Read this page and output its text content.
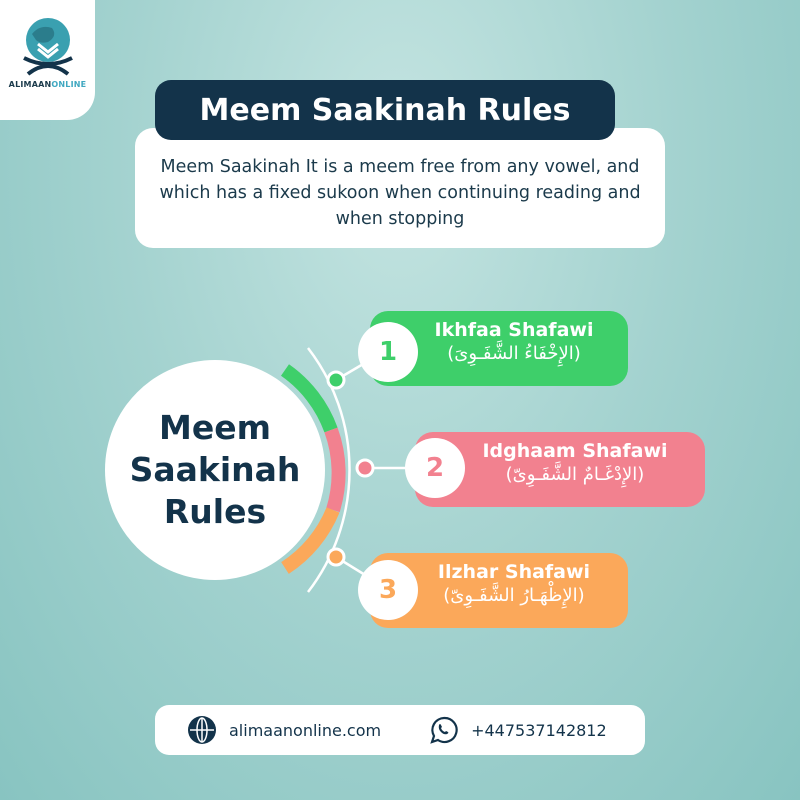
ALIMAANONLINE
Meem Saakinah It is a meem free from any vowel, and which has a fixed sukoon when continuing reading and when stopping
Meem Saakinah Rules
Meem
Saakinah
Rules
Ikhfaa Shafawi
(الإِخْفَاءُ الشَّفَـوِىَ)
1
Idghaam Shafawi
(الإِدْغَـامٌ الشَّفَـوِىّ)
2
Ilzhar Shafawi
(الإِظْهَـارُ الشَّفَـوِىّ)
3
alimaanonline.com	+447537142812
